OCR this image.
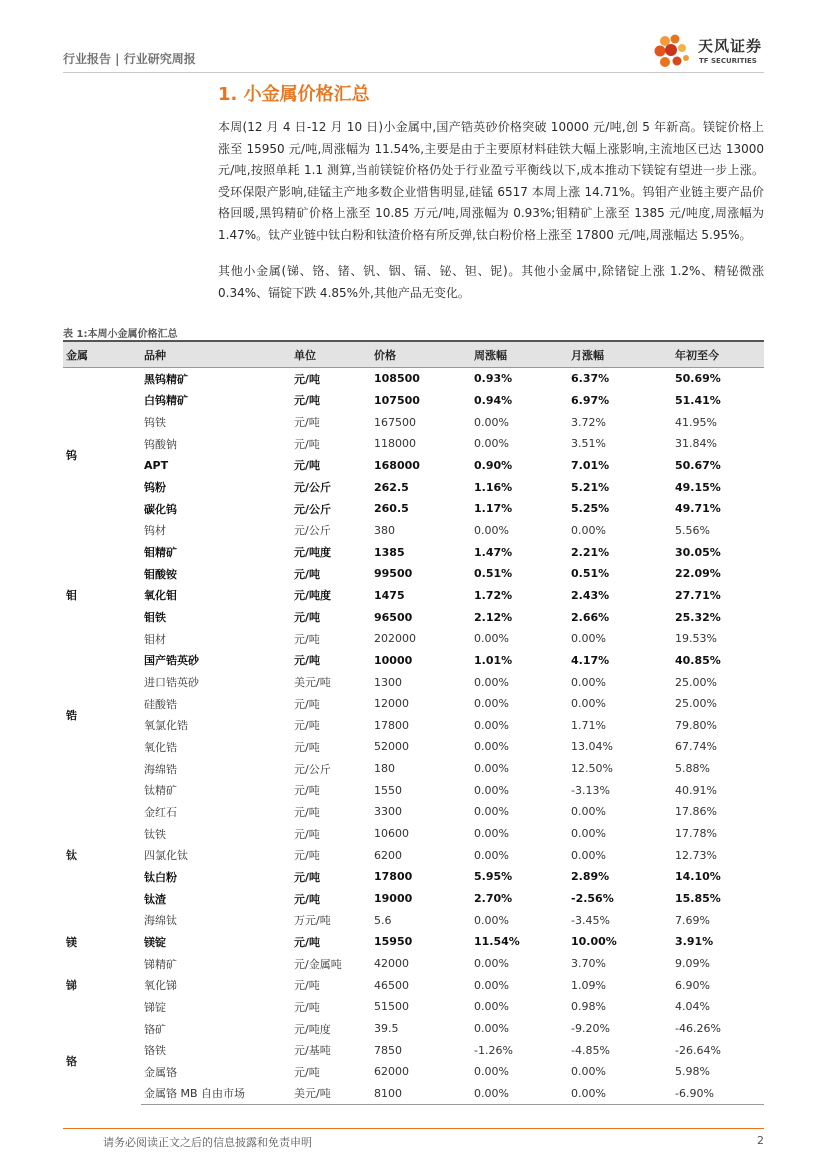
行业报告 | 行业研究周报
天风证券
TF SECURITIES
1. 小金属价格汇总

本周(12 月 4 日-12 月 10 日)小金属中,国产锆英砂价格突破 10000 元/吨,创 5 年新高。镁锭价格上涨至 15950 元/吨,周涨幅为 11.54%,主要是由于主要原材料硅铁大幅上涨影响,主流地区已达 13000 元/吨,按照单耗 1.1 测算,当前镁锭价格仍处于行业盈亏平衡线以下,成本推动下镁锭有望进一步上涨。受环保限产影响,硅锰主产地多数企业惜售明显,硅锰 6517 本周上涨 14.71%。钨钼产业链主要产品价格回暖,黑钨精矿价格上涨至 10.85 万元/吨,周涨幅为 0.93%;钼精矿上涨至 1385 元/吨度,周涨幅为 1.47%。钛产业链中钛白粉和钛渣价格有所反弹,钛白粉价格上涨至 17800 元/吨,周涨幅达 5.95%。

其他小金属(锑、铬、锗、钒、铟、镉、铋、钽、铌)。其他小金属中,除锗锭上涨 1.2%、精铋微涨 0.34%、镉锭下跌 4.85%外,其他产品无变化。

表 1:本周小金属价格汇总
金属	品种	单位	价格	周涨幅	月涨幅	年初至今
钨	黑钨精矿	元/吨	108500	0.93%	6.37%	50.69%
	白钨精矿	元/吨	107500	0.94%	6.97%	51.41%
	钨铁	元/吨	167500	0.00%	3.72%	41.95%
	钨酸钠	元/吨	118000	0.00%	3.51%	31.84%
	APT	元/吨	168000	0.90%	7.01%	50.67%
	钨粉	元/公斤	262.5	1.16%	5.21%	49.15%
	碳化钨	元/公斤	260.5	1.17%	5.25%	49.71%
	钨材	元/公斤	380	0.00%	0.00%	5.56%
钼	钼精矿	元/吨度	1385	1.47%	2.21%	30.05%
	钼酸铵	元/吨	99500	0.51%	0.51%	22.09%
	氧化钼	元/吨度	1475	1.72%	2.43%	27.71%
	钼铁	元/吨	96500	2.12%	2.66%	25.32%
	钼材	元/吨	202000	0.00%	0.00%	19.53%
锆	国产锆英砂	元/吨	10000	1.01%	4.17%	40.85%
	进口锆英砂	美元/吨	1300	0.00%	0.00%	25.00%
	硅酸锆	元/吨	12000	0.00%	0.00%	25.00%
	氧氯化锆	元/吨	17800	0.00%	1.71%	79.80%
	氧化锆	元/吨	52000	0.00%	13.04%	67.74%
	海绵锆	元/公斤	180	0.00%	12.50%	5.88%
钛	钛精矿	元/吨	1550	0.00%	-3.13%	40.91%
	金红石	元/吨	3300	0.00%	0.00%	17.86%
	钛铁	元/吨	10600	0.00%	0.00%	17.78%
	四氯化钛	元/吨	6200	0.00%	0.00%	12.73%
	钛白粉	元/吨	17800	5.95%	2.89%	14.10%
	钛渣	元/吨	19000	2.70%	-2.56%	15.85%
	海绵钛	万元/吨	5.6	0.00%	-3.45%	7.69%
镁	镁锭	元/吨	15950	11.54%	10.00%	3.91%
锑	锑精矿	元/金属吨	42000	0.00%	3.70%	9.09%
	氧化锑	元/吨	46500	0.00%	1.09%	6.90%
	锑锭	元/吨	51500	0.00%	0.98%	4.04%
铬	铬矿	元/吨度	39.5	0.00%	-9.20%	-46.26%
	铬铁	元/基吨	7850	-1.26%	-4.85%	-26.64%
	金属铬	元/吨	62000	0.00%	0.00%	5.98%
	金属铬 MB 自由市场	美元/吨	8100	0.00%	0.00%	-6.90%
请务必阅读正文之后的信息披露和免责申明	2
